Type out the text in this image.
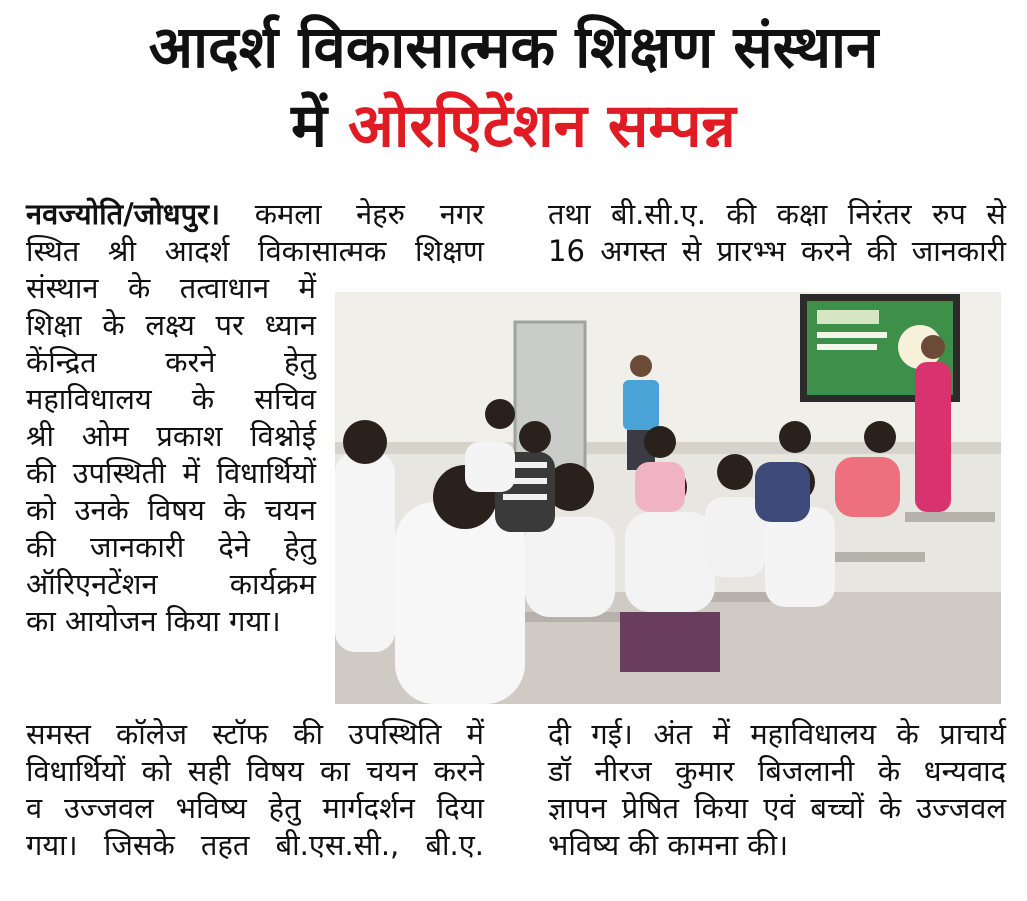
आदर्श विकासात्मक शिक्षण संस्थान
में ओरएिटेंशन सम्पन्न

नवज्योति/जोधपुर। कमला नेहरु नगर

स्थित श्री आदर्श विकासात्मक शिक्षण

संस्थान के तत्वाधान में

शिक्षा के लक्ष्य पर ध्यान

केंन्द्रित करने हेतु

महाविधालय के सचिव

श्री ओम प्रकाश विश्नोई

की उपस्थिती में विधार्थियों

को उनके विषय के चयन

की जानकारी देने हेतु

ऑरिएनटेंशन कार्यक्रम

का आयोजन किया गया।

तथा बी.सी.ए. की कक्षा निरंतर रुप से

16 अगस्त से प्रारभ्भ करने की जानकारी

समस्त कॉलेज स्टॉफ की उपस्थिति में

विधार्थियों को सही विषय का चयन करने

व उज्जवल भविष्य हेतु मार्गदर्शन दिया

गया। जिसके तहत बी.एस.सी., बी.ए.

दी गई। अंत में महाविधालय के प्राचार्य

डॉ नीरज कुमार बिजलानी के धन्यवाद

ज्ञापन प्रेषित किया एवं बच्चों के उज्जवल

भविष्य की कामना की।
